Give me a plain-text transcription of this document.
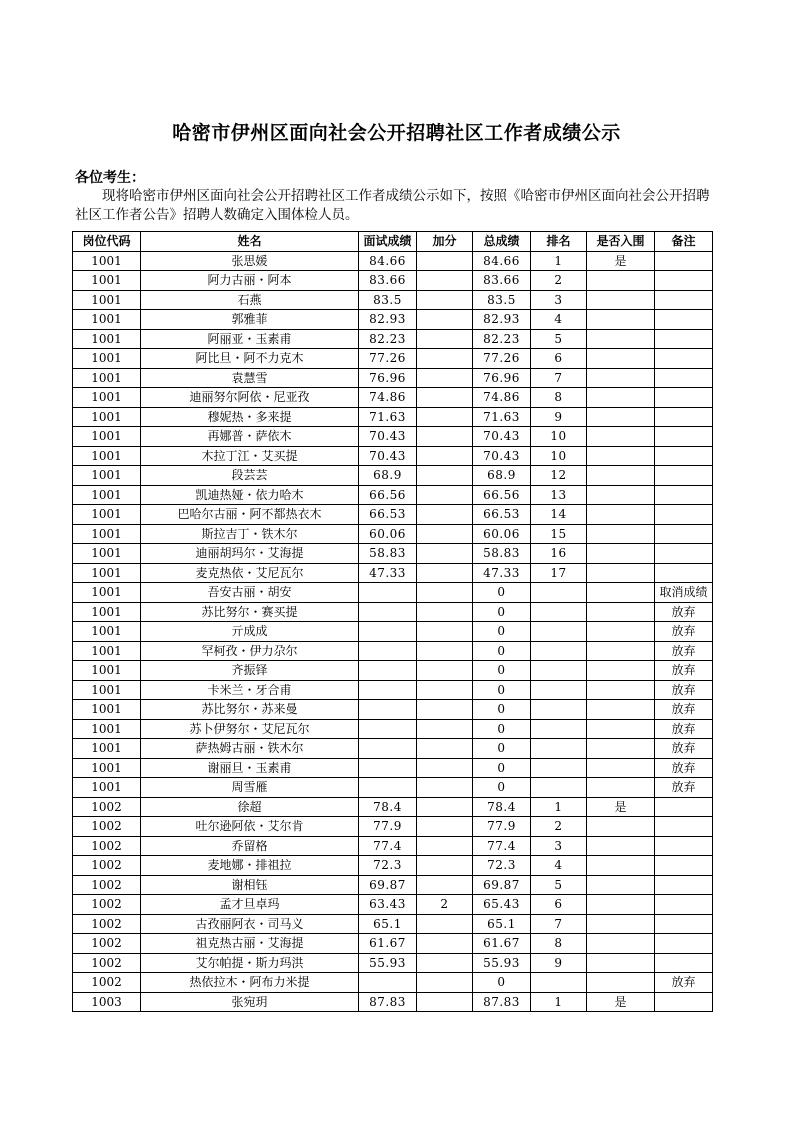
哈密市伊州区面向社会公开招聘社区工作者成绩公示
各位考生：
现将哈密市伊州区面向社会公开招聘社区工作者成绩公示如下，按照《哈密市伊州区面向社会公开招聘社区工作者公告》招聘人数确定入围体检人员。
岗位代码	姓名	面试成绩	加分	总成绩	排名	是否入围	备注
1001	张思媛	84.66		84.66	1	是	
1001	阿力古丽・阿本	83.66		83.66	2		
1001	石燕	83.5		83.5	3		
1001	郭雅菲	82.93		82.93	4		
1001	阿丽亚・玉素甫	82.23		82.23	5		
1001	阿比旦・阿不力克木	77.26		77.26	6		
1001	袁慧雪	76.96		76.96	7		
1001	迪丽努尔阿依・尼亚孜	74.86		74.86	8		
1001	穆妮热・多来提	71.63		71.63	9		
1001	再娜普・萨依木	70.43		70.43	10		
1001	木拉丁江・艾买提	70.43		70.43	10		
1001	段芸芸	68.9		68.9	12		
1001	凯迪热娅・依力哈木	66.56		66.56	13		
1001	巴哈尔古丽・阿不都热衣木	66.53		66.53	14		
1001	斯拉吉丁・铁木尔	60.06		60.06	15		
1001	迪丽胡玛尔・艾海提	58.83		58.83	16		
1001	麦克热依・艾尼瓦尔	47.33		47.33	17		
1001	吾安古丽・胡安			0			取消成绩
1001	苏比努尔・赛买提			0			放弃
1001	亓成成			0			放弃
1001	罕柯孜・伊力尕尔			0			放弃
1001	齐振铎			0			放弃
1001	卡米兰・牙合甫			0			放弃
1001	苏比努尔・苏来曼			0			放弃
1001	苏卜伊努尔・艾尼瓦尔			0			放弃
1001	萨热姆古丽・铁木尔			0			放弃
1001	谢丽旦・玉素甫			0			放弃
1001	周雪雁			0			放弃
1002	徐超	78.4		78.4	1	是	
1002	吐尔逊阿依・艾尔肯	77.9		77.9	2		
1002	乔留格	77.4		77.4	3		
1002	麦地娜・排祖拉	72.3		72.3	4		
1002	谢相钰	69.87		69.87	5		
1002	孟才旦卓玛	63.43	2	65.43	6		
1002	古孜丽阿衣・司马义	65.1		65.1	7		
1002	祖克热古丽・艾海提	61.67		61.67	8		
1002	艾尔帕提・斯力玛洪	55.93		55.93	9		
1002	热依拉木・阿布力米提			0			放弃
1003	张宛玥	87.83		87.83	1	是	
